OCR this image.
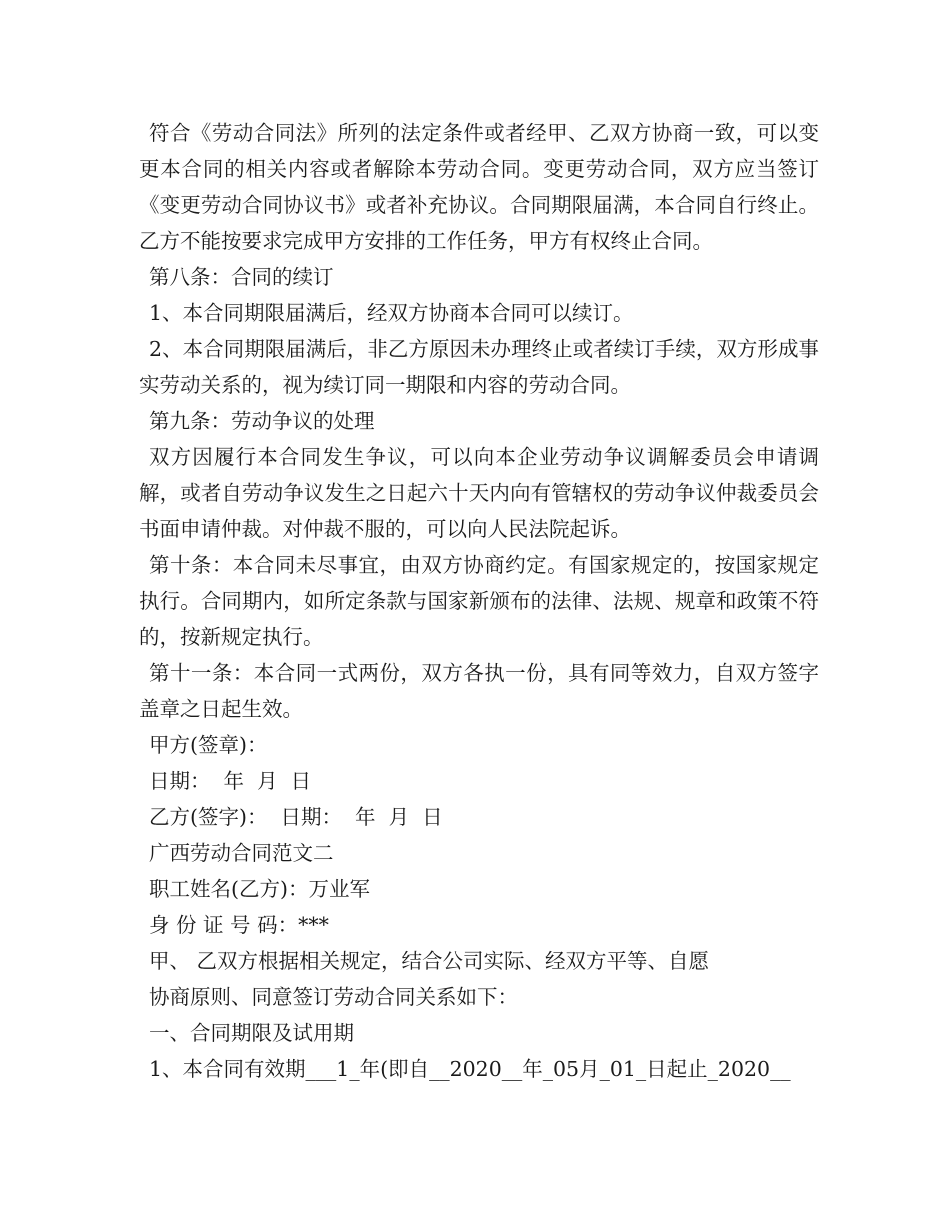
符合《劳动合同法》所列的法定条件或者经甲、乙双方协商一致，可以变更本合同的相关内容或者解除本劳动合同。变更劳动合同，双方应当签订《变更劳动合同协议书》或者补充协议。合同期限届满，本合同自行终止。乙方不能按要求完成甲方安排的工作任务，甲方有权终止合同。

第八条：合同的续订

1、本合同期限届满后，经双方协商本合同可以续订。

2、本合同期限届满后，非乙方原因未办理终止或者续订手续，双方形成事实劳动关系的，视为续订同一期限和内容的劳动合同。

第九条：劳动争议的处理

双方因履行本合同发生争议，可以向本企业劳动争议调解委员会申请调解，或者自劳动争议发生之日起六十天内向有管辖权的劳动争议仲裁委员会书面申请仲裁。对仲裁不服的，可以向人民法院起诉。

第十条：本合同未尽事宜，由双方协商约定。有国家规定的，按国家规定执行。合同期内，如所定条款与国家新颁布的法律、法规、规章和政策不符的，按新规定执行。

第十一条：本合同一式两份，双方各执一份，具有同等效力，自双方签字盖章之日起生效。

甲方(签章)：

日期：  年  月  日

乙方(签字)：  日期：  年  月  日

广西劳动合同范文二

职工姓名(乙方)：万业军

身 份 证 号 码：***

甲、 乙双方根据相关规定，结合公司实际、经双方平等、自愿

协商原则、同意签订劳动合同关系如下：

一、合同期限及试用期

1、本合同有效期___1_年(即自__2020__年_05月_01_日起止_2020__
